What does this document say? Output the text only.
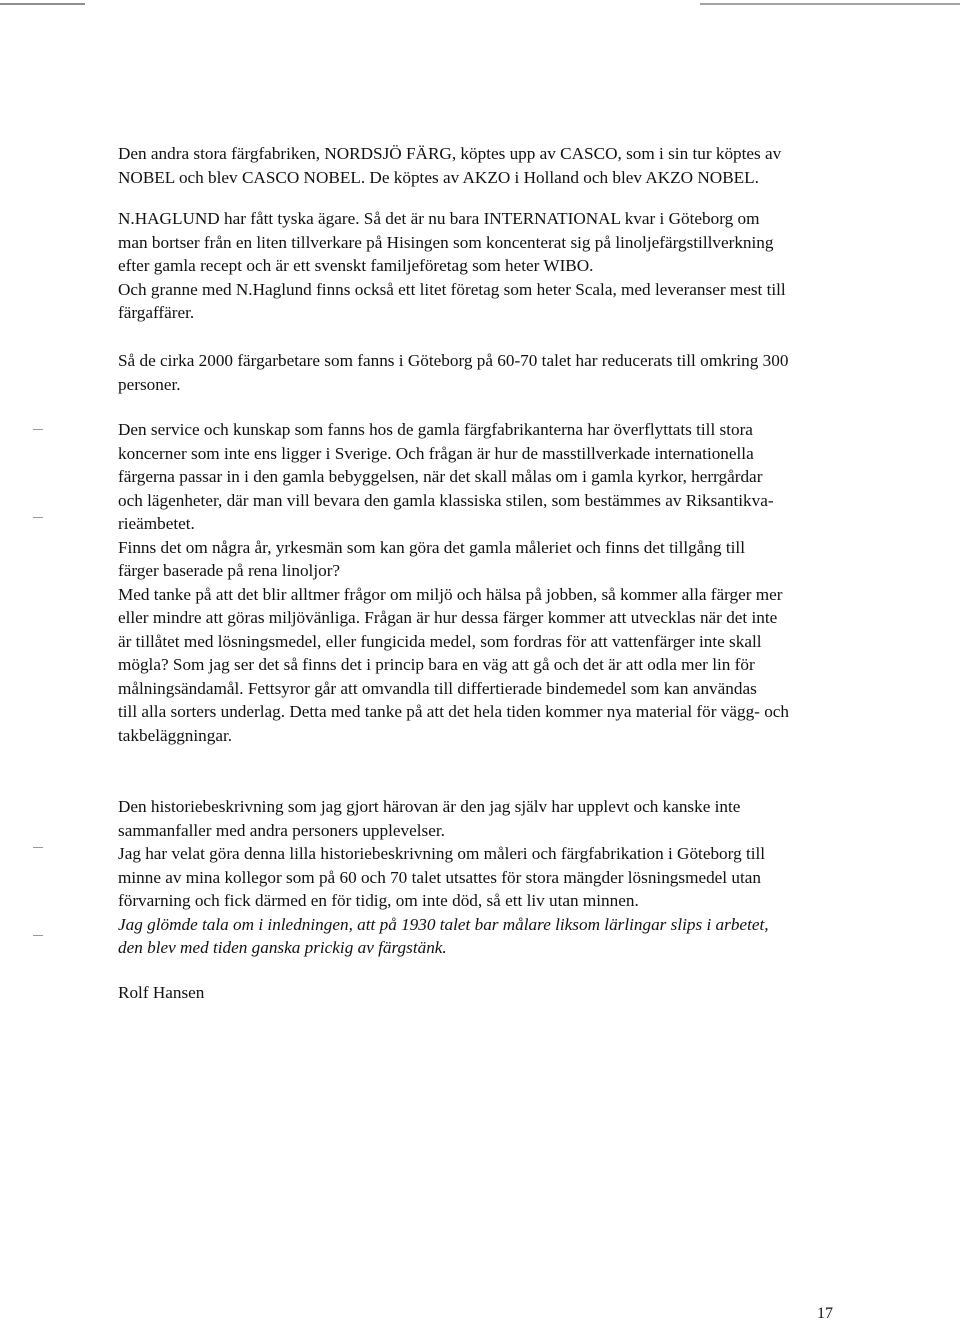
Den andra stora färgfabriken, NORDSJÖ FÄRG, köptes upp av CASCO, som i sin tur köptes av
NOBEL och blev CASCO NOBEL. De köptes av AKZO i Holland och blev AKZO NOBEL.

N.HAGLUND har fått tyska ägare. Så det är nu bara INTERNATIONAL kvar i Göteborg om
man bortser från en liten tillverkare på Hisingen som koncenterat sig på linoljefärgstillverkning
efter gamla recept och är ett svenskt familjeföretag som heter WIBO.
Och granne med N.Haglund finns också ett litet företag som heter Scala, med leveranser mest till
färgaffärer.

Så de cirka 2000 färgarbetare som fanns i Göteborg på 60-70 talet har reducerats till omkring 300
personer.

Den service och kunskap som fanns hos de gamla färgfabrikanterna har överflyttats till stora
koncerner som inte ens ligger i Sverige. Och frågan är hur de masstillverkade internationella
färgerna passar in i den gamla bebyggelsen, när det skall målas om i gamla kyrkor, herrgårdar
och lägenheter, där man vill bevara den gamla klassiska stilen, som bestämmes av Riksantikva-
rieämbetet.
Finns det om några år, yrkesmän som kan göra det gamla måleriet och finns det tillgång till
färger baserade på rena linoljor?
Med tanke på att det blir alltmer frågor om miljö och hälsa på jobben, så kommer alla färger mer
eller mindre att göras miljövänliga. Frågan är hur dessa färger kommer att utvecklas när det inte
är tillåtet med lösningsmedel, eller fungicida medel, som fordras för att vattenfärger inte skall
mögla? Som jag ser det så finns det i princip bara en väg att gå och det är att odla mer lin för
målningsändamål. Fettsyror går att omvandla till differtierade bindemedel som kan användas
till alla sorters underlag. Detta med tanke på att det hela tiden kommer nya material för vägg- och
takbeläggningar.

Den historiebeskrivning som jag gjort härovan är den jag själv har upplevt och kanske inte
sammanfaller med andra personers upplevelser.
Jag har velat göra denna lilla historiebeskrivning om måleri och färgfabrikation i Göteborg till
minne av mina kollegor som på 60 och 70 talet utsattes för stora mängder lösningsmedel utan
förvarning och fick därmed en för tidig, om inte död, så ett liv utan minnen.
Jag glömde tala om i inledningen, att på 1930 talet bar målare liksom lärlingar slips i arbetet,
den blev med tiden ganska prickig av färgstänk.

Rolf Hansen

17
